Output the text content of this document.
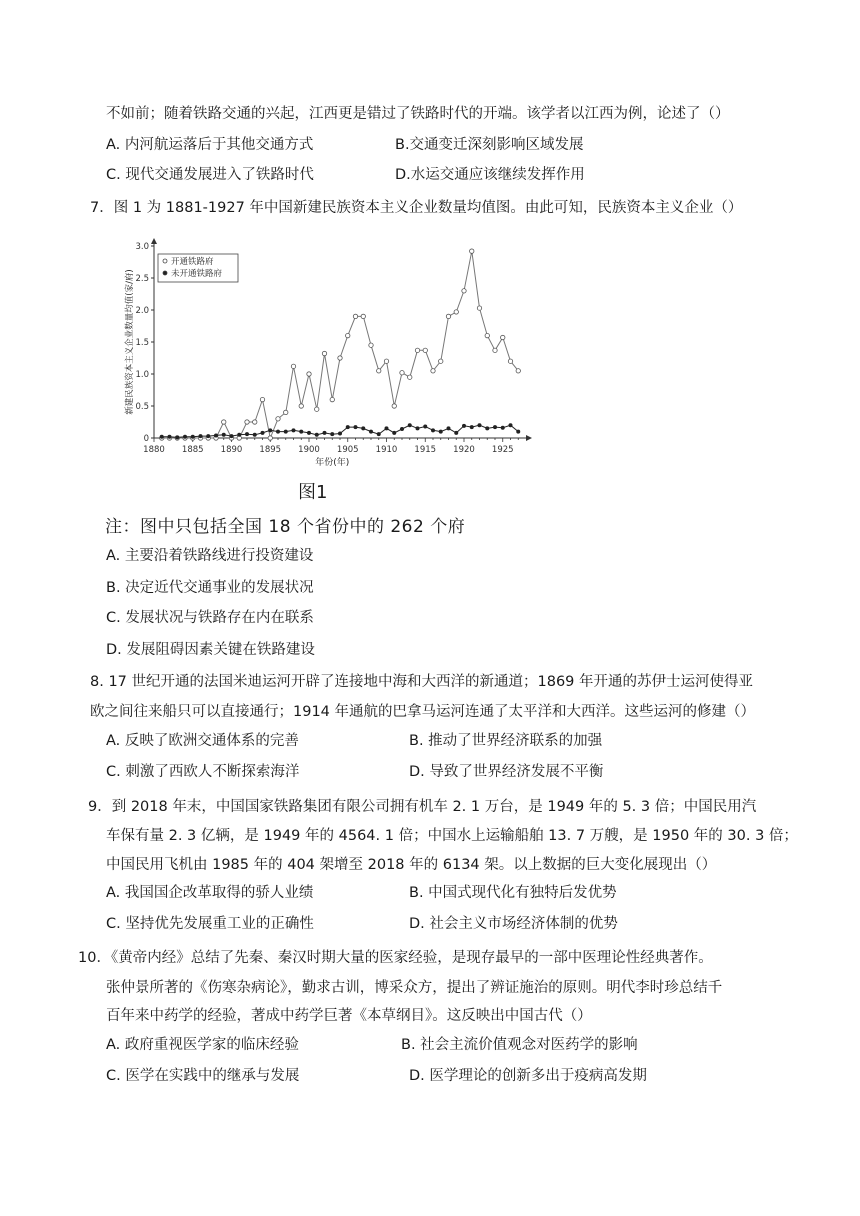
不如前；随着铁路交通的兴起，江西更是错过了铁路时代的开端。该学者以江西为例，论述了（）
A. 内河航运落后于其他交通方式	B.交通变迁深刻影响区域发展
C. 现代交通发展进入了铁路时代	D.水运交通应该继续发挥作用
7．图 1 为 1881-1927 年中国新建民族资本主义企业数量均值图。由此可知，民族资本主义企业（）
0
0.5
1.0
1.5
2.0
2.5
3.0
1880 1885 1890 1895 1900 1905 1910 1915 1920 1925
开通铁路府
未开通铁路府
新建民族资本主义企业数量均值(家/府)
年份(年)
图1
注：图中只包括全国 18 个省份中的 262 个府
A. 主要沿着铁路线进行投资建设
B. 决定近代交通事业的发展状况
C. 发展状况与铁路存在内在联系
D. 发展阻碍因素关键在铁路建设
8. 17 世纪开通的法国米迪运河开辟了连接地中海和大西洋的新通道；1869 年开通的苏伊士运河使得亚
欧之间往来船只可以直接通行；1914 年通航的巴拿马运河连通了太平洋和大西洋。这些运河的修建（）
A. 反映了欧洲交通体系的完善	B. 推动了世界经济联系的加强
C. 刺激了西欧人不断探索海洋	D. 导致了世界经济发展不平衡
9．到 2018 年末，中国国家铁路集团有限公司拥有机车 2. 1 万台，是 1949 年的 5. 3 倍；中国民用汽
车保有量 2. 3 亿辆，是 1949 年的 4564. 1 倍；中国水上运输船舶 13. 7 万艘，是 1950 年的 30. 3 倍；
中国民用飞机由 1985 年的 404 架增至 2018 年的 6134 架。以上数据的巨大变化展现出（）
A. 我国国企改革取得的骄人业绩	B. 中国式现代化有独特后发优势
C. 坚持优先发展重工业的正确性	D. 社会主义市场经济体制的优势
10．《黄帝内经》总结了先秦、秦汉时期大量的医家经验，是现存最早的一部中医理论性经典著作。
张仲景所著的《伤寒杂病论》，勤求古训，博采众方，提出了辨证施治的原则。明代李时珍总结千
百年来中药学的经验，著成中药学巨著《本草纲目》。这反映出中国古代（）
A. 政府重视医学家的临床经验	B. 社会主流价值观念对医药学的影响
C. 医学在实践中的继承与发展	D. 医学理论的创新多出于疫病高发期
